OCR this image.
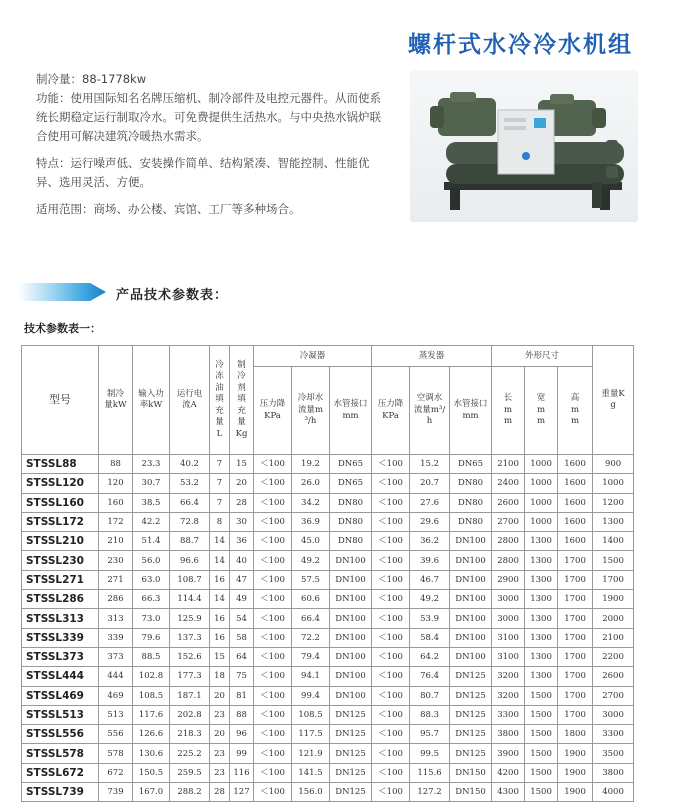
螺杆式水冷冷水机组

制冷量：88-1778kw

功能：使用国际知名名牌压缩机、制冷部件及电控元器件。从而使系统长期稳定运行制取冷水。可免费提供生活热水。与中央热水锅炉联合使用可解决建筑冷暖热水需求。

特点：运行噪声低、安装操作简单、结构紧凑、智能控制、性能优异、选用灵活、方便。

适用范围：商场、办公楼、宾馆、工厂等多种场合。

产品技术参数表：
技术参数表一：
型号	制冷量kW	输入功率kW	运行电流A	冷冻油填充量L	制冷剂填充量Kg	冷凝器			蒸发器			外形尺寸			重量Kg
						压力降KPa	冷却水流量m³/h	水管接口mm	压力降KPa	空调水流量m³/h	水管接口mm	长mm	宽mm	高mm	
STSSL88	88	23.3	40.2	7	15	＜100	19.2	DN65	＜100	15.2	DN65	2100	1000	1600	900
STSSL120	120	30.7	53.2	7	20	＜100	26.0	DN65	＜100	20.7	DN80	2400	1000	1600	1000
STSSL160	160	38.5	66.4	7	28	＜100	34.2	DN80	＜100	27.6	DN80	2600	1000	1600	1200
STSSL172	172	42.2	72.8	8	30	＜100	36.9	DN80	＜100	29.6	DN80	2700	1000	1600	1300
STSSL210	210	51.4	88.7	14	36	＜100	45.0	DN80	＜100	36.2	DN100	2800	1300	1600	1400
STSSL230	230	56.0	96.6	14	40	＜100	49.2	DN100	＜100	39.6	DN100	2800	1300	1700	1500
STSSL271	271	63.0	108.7	16	47	＜100	57.5	DN100	＜100	46.7	DN100	2900	1300	1700	1700
STSSL286	286	66.3	114.4	14	49	＜100	60.6	DN100	＜100	49.2	DN100	3000	1300	1700	1900
STSSL313	313	73.0	125.9	16	54	＜100	66.4	DN100	＜100	53.9	DN100	3000	1300	1700	2000
STSSL339	339	79.6	137.3	16	58	＜100	72.2	DN100	＜100	58.4	DN100	3100	1300	1700	2100
STSSL373	373	88.5	152.6	15	64	＜100	79.4	DN100	＜100	64.2	DN100	3100	1300	1700	2200
STSSL444	444	102.8	177.3	18	75	＜100	94.1	DN100	＜100	76.4	DN125	3200	1300	1700	2600
STSSL469	469	108.5	187.1	20	81	＜100	99.4	DN100	＜100	80.7	DN125	3200	1500	1700	2700
STSSL513	513	117.6	202.8	23	88	＜100	108.5	DN125	＜100	88.3	DN125	3300	1500	1700	3000
STSSL556	556	126.6	218.3	20	96	＜100	117.5	DN125	＜100	95.7	DN125	3800	1500	1800	3300
STSSL578	578	130.6	225.2	23	99	＜100	121.9	DN125	＜100	99.5	DN125	3900	1500	1900	3500
STSSL672	672	150.5	259.5	23	116	＜100	141.5	DN125	＜100	115.6	DN150	4200	1500	1900	3800
STSSL739	739	167.0	288.2	28	127	＜100	156.0	DN125	＜100	127.2	DN150	4300	1500	1900	4000
